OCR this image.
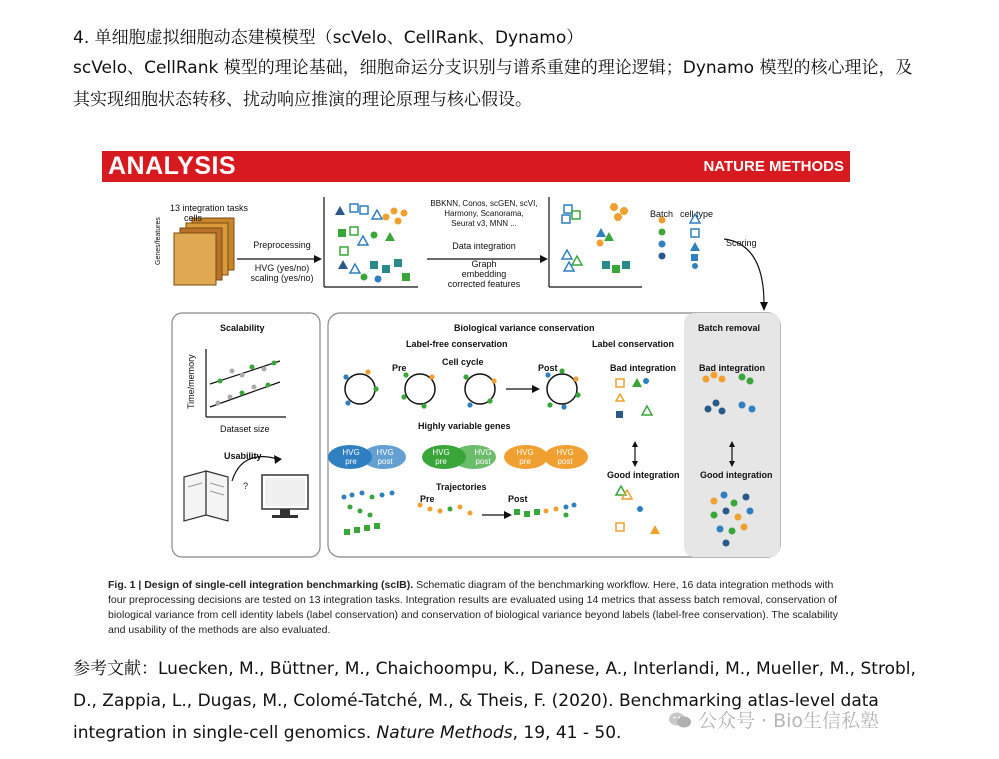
4. 单细胞虚拟细胞动态建模模型（scVelo、CellRank、Dynamo）
scVelo、CellRank 模型的理论基础，细胞命运分支识别与谱系重建的理论逻辑；Dynamo 模型的核心理论，及其实现细胞状态转移、扰动响应推演的理论原理与核心假设。
ANALYSIS	NATURE METHODS
13 integration tasks
cells
Genes/features	Preprocessing
HVG (yes/no)
scaling (yes/no)
BBKNN, Conos, scGEN, scVI,
Harmony, Scanorama,
Seurat v3, MNN ...
Data integration
Graph
embedding
corrected features
Batch cell type
Scoring
Scalability
Time/memory
Dataset size
Usability
?
Biological variance conservation
Label-free conservation	Label conservation
Cell cycle
Pre	Post
Highly variable genes
HVG
pre
HVG
post
HVG
pre
HVG
post
HVG
pre
HVG
post
Trajectories
Pre	Post
Bad integration
Good integration
Batch removal
Bad integration
Good integration
Fig. 1 | Design of single-cell integration benchmarking (scIB). Schematic diagram of the benchmarking workflow. Here, 16 data integration methods with four preprocessing decisions are tested on 13 integration tasks. Integration results are evaluated using 14 metrics that assess batch removal, conservation of biological variance from cell identity labels (label conservation) and conservation of biological variance beyond labels (label-free conservation). The scalability and usability of the methods are also evaluated.
参考文献：Luecken, M., Büttner, M., Chaichoompu, K., Danese, A., Interlandi, M., Mueller, M., Strobl, D., Zappia, L., Dugas, M., Colomé-Tatché, M., & Theis, F. (2020). Benchmarking atlas-level data integration in single-cell genomics. Nature Methods, 19, 41 - 50.
公众号 · Bio生信私塾
